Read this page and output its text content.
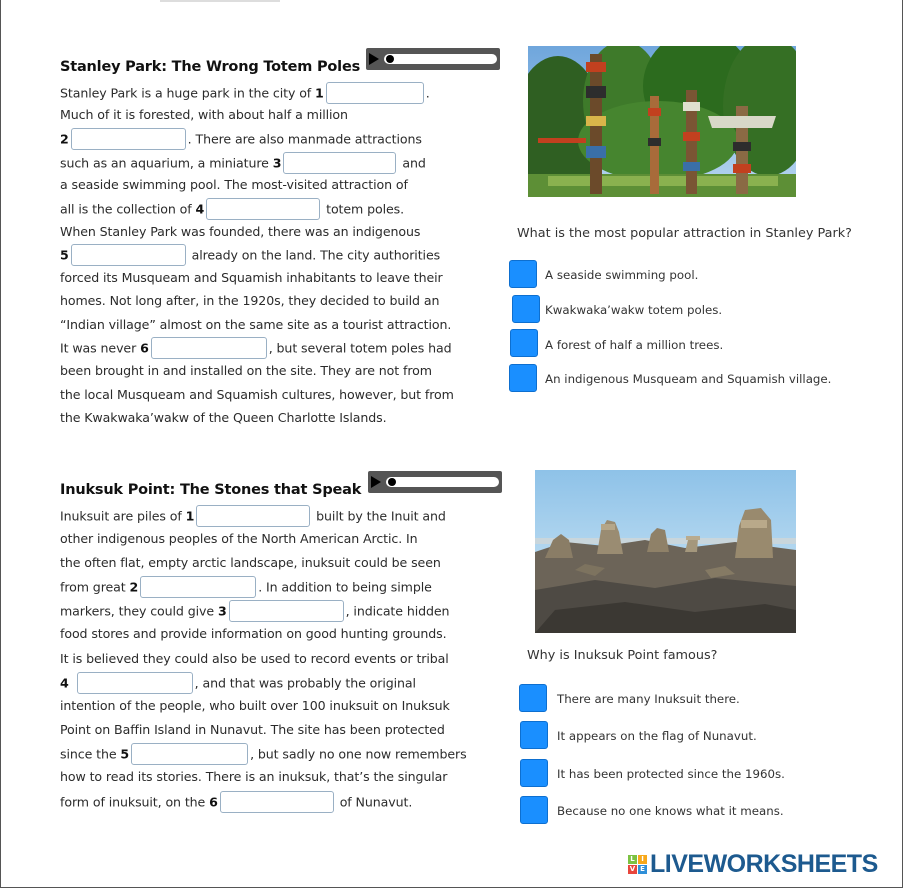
Stanley Park: The Wrong Totem Poles
Stanley Park is a huge park in the city of 1	.
Much of it is forested, with about half a million
2	. There are also manmade attractions
such as an aquarium, a miniature 3	and
a seaside swimming pool. The most-visited attraction of
all is the collection of 4	totem poles.
When Stanley Park was founded, there was an indigenous
5	already on the land. The city authorities
forced its Musqueam and Squamish inhabitants to leave their
homes. Not long after, in the 1920s, they decided to build an
“Indian village” almost on the same site as a tourist attraction.
It was never 6	, but several totem poles had
been brought in and installed on the site. They are not from
the local Musqueam and Squamish cultures, however, but from
the Kwakwaka’wakw of the Queen Charlotte Islands.
What is the most popular attraction in Stanley Park?
A seaside swimming pool.
Kwakwaka’wakw totem poles.
A forest of half a million trees.
An indigenous Musqueam and Squamish village.
Inuksuk Point: The Stones that Speak
Inuksuit are piles of 1	built by the Inuit and
other indigenous peoples of the North American Arctic. In
the often flat, empty arctic landscape, inuksuit could be seen
from great 2	. In addition to being simple
markers, they could give 3	, indicate hidden
food stores and provide information on good hunting grounds.
It is believed they could also be used to record events or tribal
4	, and that was probably the original
intention of the people, who built over 100 inuksuit on Inuksuk
Point on Baffin Island in Nunavut. The site has been protected
since the 5	, but sadly no one now remembers
how to read its stories. There is an inuksuk, that’s the singular
form of inuksuit, on the 6	of Nunavut.
Why is Inuksuk Point famous?
There are many Inuksuit there.
It appears on the flag of Nunavut.
It has been protected since the 1960s.
Because no one knows what it means.
L I
V E LIVEWORKSHEETS
